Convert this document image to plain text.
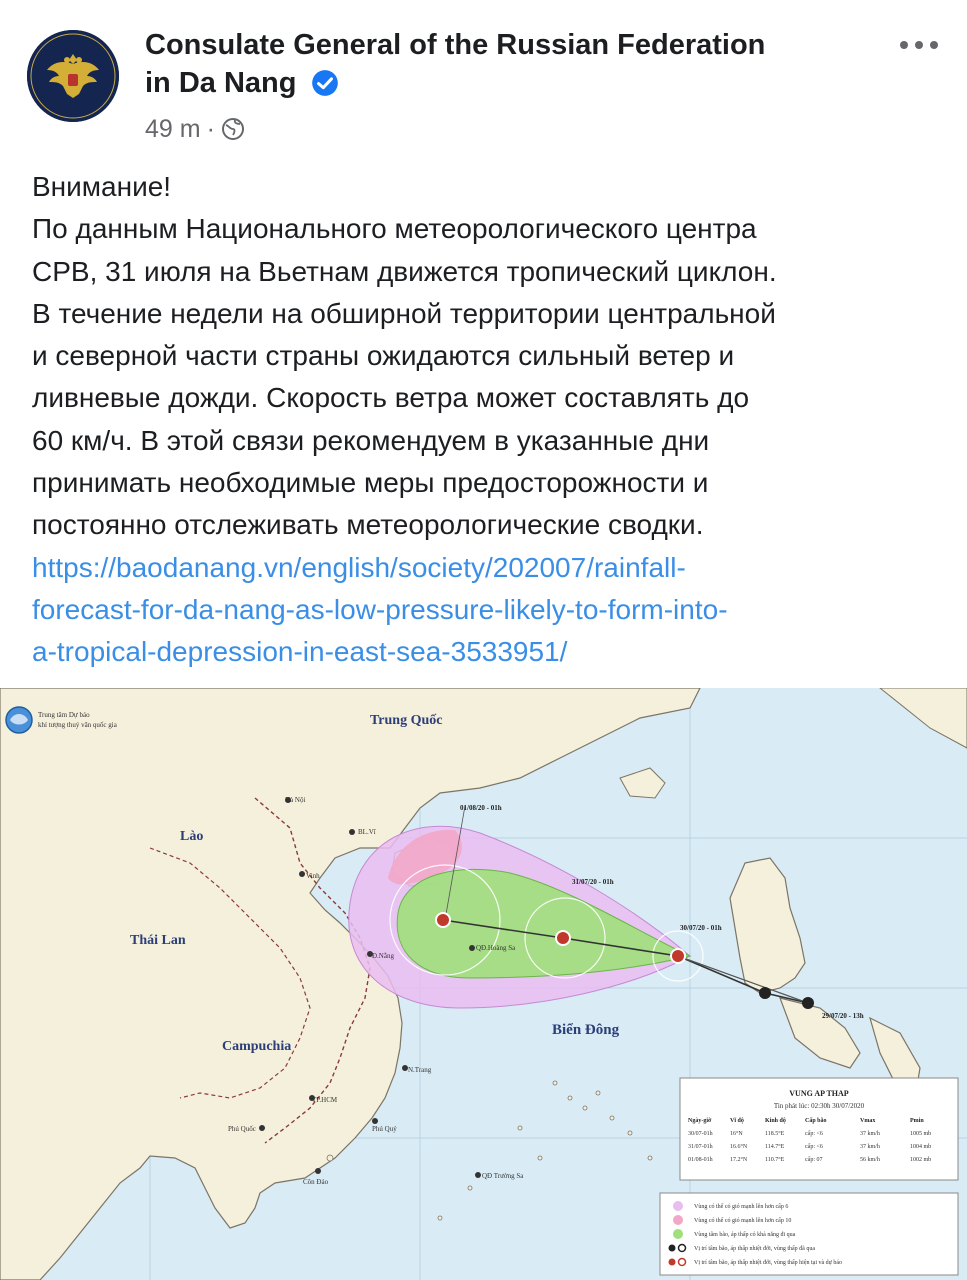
Consulate General of the Russian Federation
in Da Nang
49 m ·
Внимание!
По данным Национального метеорологического центра
СРВ, 31 июля на Вьетнам движется тропический циклон.
В течение недели на обширной территории центральной
и северной части страны ожидаются сильный ветер и
ливневые дожди. Скорость ветра может составлять до
60 км/ч. В этой связи рекомендуем в указанные дни
принимать необходимые меры предосторожности и
постоянно отслеживать метеорологические сводки.
https://baodanang.vn/english/society/202007/rainfall-
forecast-for-da-nang-as-low-pressure-likely-to-form-into-
a-tropical-depression-in-east-sea-3533951/
Trung tâm Dự báo
khí tượng thuỷ văn quốc gia	Trung Quốc
Lào
Thái Lan
Campuchia
Biển Đông
Hà Nội
BL.Vĩ
Vinh
Đ.Nẵng
QĐ.Hoàng Sa
N.Trang
TP.HCM
Phú Quốc	Phú Quý
Côn Đảo
QĐ Trường Sa
01/08/20 - 01h
31/07/20 - 01h
30/07/20 - 01h
29/07/20 - 13h
VUNG AP THAP
Tin phát lúc: 02:30h 30/07/2020
Ngày-giờ	Vĩ độ	Kinh độ	Cấp bão	Vmax	Pmin
30/07-01h	16°N	118.5°E	cấp: <6	37 km/h	1005 mb
31/07-01h	16.6°N	114.7°E	cấp: <6	37 km/h	1004 mb
01/08-01h	17.2°N	110.7°E	cấp: 07	56 km/h	1002 mb
Vùng có thể có gió mạnh lên hơn cấp 6
Vùng có thể có gió mạnh lên hơn cấp 10
Vùng tâm bão, áp thấp có khả năng đi qua
Vị trí tâm bão, áp thấp nhiệt đới, vùng thấp đã qua
Vị trí tâm bão, áp thấp nhiệt đới, vùng thấp hiện tại và dự báo
